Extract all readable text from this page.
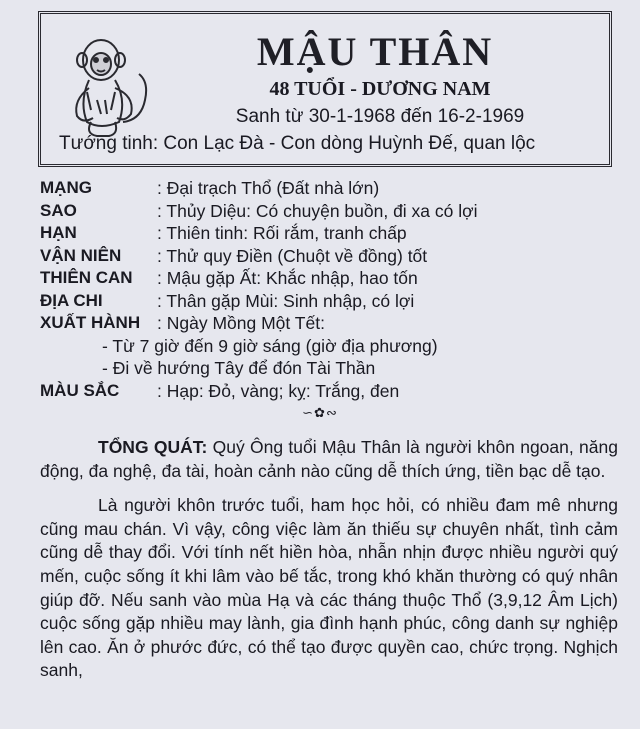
MẬU THÂN
48 TUỔI - DƯƠNG NAM
Sanh từ 30-1-1968 đến 16-2-1969
Tướng tinh: Con Lạc Đà - Con dòng Huỳnh Đế, quan lộc
MẠNG	: Đại trạch Thổ (Đất nhà lớn)
SAO	: Thủy Diệu: Có chuyện buồn, đi xa có lợi
HẠN	: Thiên tinh: Rối rắm, tranh chấp
VẬN NIÊN	: Thử quy Điền (Chuột về đồng) tốt
THIÊN CAN	: Mậu gặp Ất: Khắc nhập, hao tốn
ĐỊA CHI	: Thân gặp Mùi: Sinh nhập, có lợi
XUẤT HÀNH : Ngày Mồng Một Tết:
- Từ 7 giờ đến 9 giờ sáng (giờ địa phương)
- Đi về hướng Tây để đón Tài Thần
MÀU SẮC	: Hạp: Đỏ, vàng; kỵ: Trắng, đen
∽✿∾

TỔNG QUÁT: Quý Ông tuổi Mậu Thân là người khôn ngoan, năng động, đa nghệ, đa tài, hoàn cảnh nào cũng dễ thích ứng, tiền bạc dễ tạo.

Là người khôn trước tuổi, ham học hỏi, có nhiều đam mê nhưng cũng mau chán. Vì vậy, công việc làm ăn thiếu sự chuyên nhất, tình cảm cũng dễ thay đổi. Với tính nết hiền hòa, nhẫn nhịn được nhiều người quý mến, cuộc sống ít khi lâm vào bế tắc, trong khó khăn thường có quý nhân giúp đỡ. Nếu sanh vào mùa Hạ và các tháng thuộc Thổ (3,9,12 Âm Lịch) cuộc sống gặp nhiều may lành, gia đình hạnh phúc, công danh sự nghiệp lên cao. Ăn ở phước đức, có thể tạo được quyền cao, chức trọng. Nghịch sanh,
